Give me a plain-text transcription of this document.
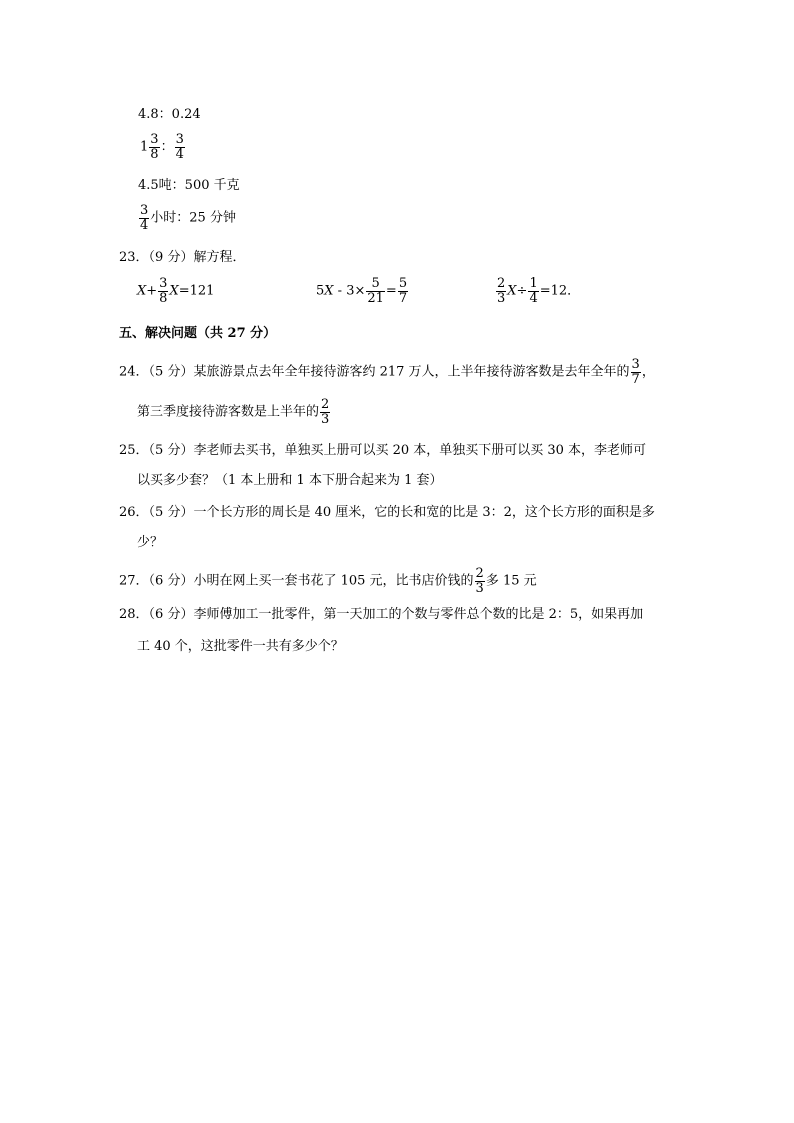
4.8：0.24
$1 \frac{3}{8}$ ： $\frac{3}{4}$
4.5吨：500 千克
$\frac{3}{4}$ 小时：25 分钟
23．（9 分）解方程．
$X+ \frac{3}{8} X=121$	$5X - 3\times \frac{5}{21} = \frac{5}{7}$	$\frac{2}{3} X\div \frac{1}{4} =12$．
五、解决问题（共 27 分）
24．（5 分）某旅游景点去年全年接待游客约 217 万人，上半年接待游客数是去年全年的 $\frac{3}{7}$ ，
第三季度接待游客数是上半年的 $\frac{2}{3}$
25．（5 分）李老师去买书，单独买上册可以买 20 本，单独买下册可以买 30 本，李老师可
以买多少套？（1 本上册和 1 本下册合起来为 1 套）
26．（5 分）一个长方形的周长是 40 厘米，它的长和宽的比是 3：2，这个长方形的面积是多
少？
27．（6 分）小明在网上买一套书花了 105 元，比书店价钱的 $\frac{2}{3}$ 多 15 元
28．（6 分）李师傅加工一批零件，第一天加工的个数与零件总个数的比是 2：5，如果再加
工 40 个，这批零件一共有多少个？
